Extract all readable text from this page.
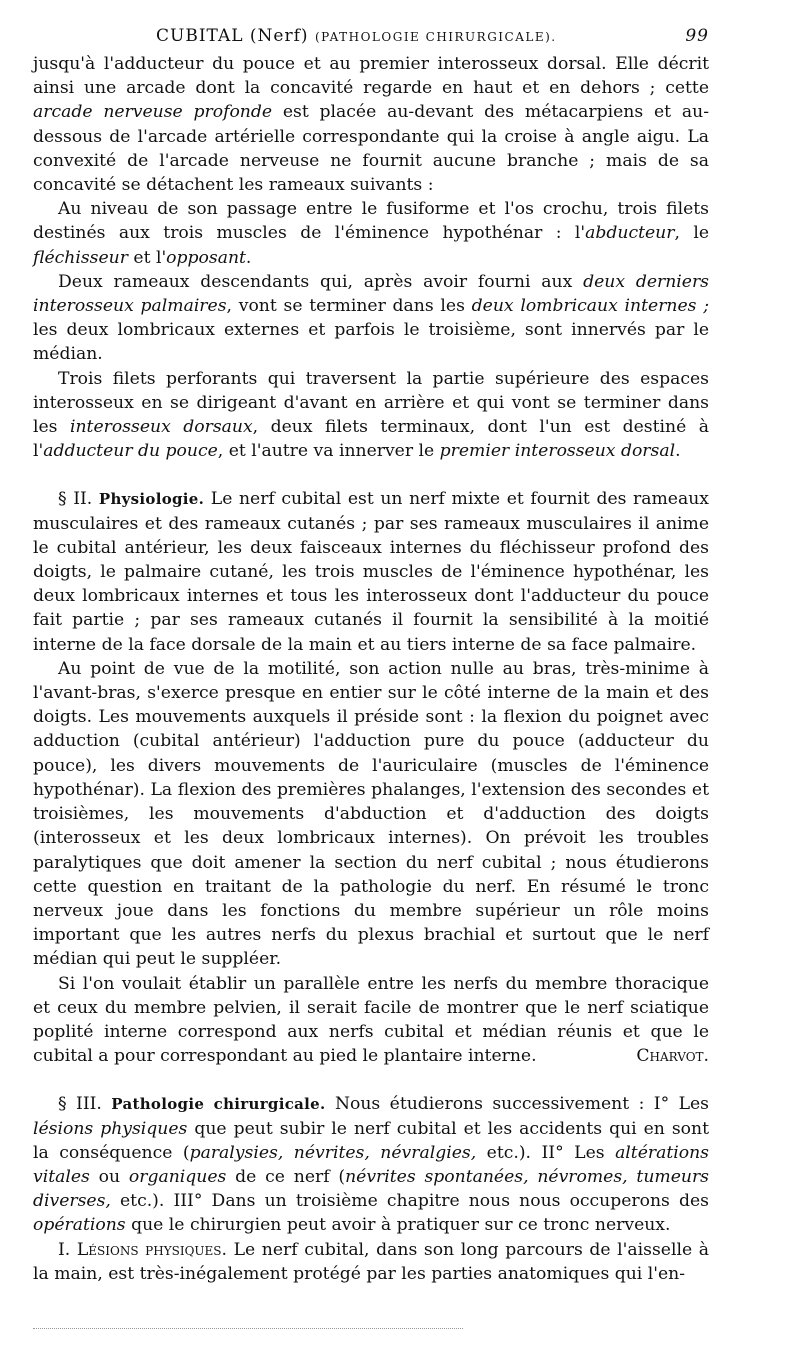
CUBITAL (Nerf) (PATHOLOGIE CHIRURGICALE).	99

jusqu'à l'adducteur du pouce et au premier interosseux dorsal. Elle décrit ainsi une arcade dont la concavité regarde en haut et en dehors ; cette arcade nerveuse profonde est placée au-devant des métacarpiens et au-dessous de l'arcade artérielle correspondante qui la croise à angle aigu. La convexité de l'arcade nerveuse ne fournit aucune branche ; mais de sa concavité se détachent les rameaux suivants :

Au niveau de son passage entre le fusiforme et l'os crochu, trois filets destinés aux trois muscles de l'éminence hypothénar : l'abducteur, le fléchisseur et l'opposant.

Deux rameaux descendants qui, après avoir fourni aux deux derniers interosseux palmaires, vont se terminer dans les deux lombricaux internes ; les deux lombricaux externes et parfois le troisième, sont innervés par le médian.

Trois filets perforants qui traversent la partie supérieure des espaces interosseux en se dirigeant d'avant en arrière et qui vont se terminer dans les interosseux dorsaux, deux filets terminaux, dont l'un est destiné à l'adducteur du pouce, et l'autre va innerver le premier interosseux dorsal.

§ II. Physiologie. Le nerf cubital est un nerf mixte et fournit des rameaux musculaires et des rameaux cutanés ; par ses rameaux musculaires il anime le cubital antérieur, les deux faisceaux internes du fléchisseur profond des doigts, le palmaire cutané, les trois muscles de l'éminence hypothénar, les deux lombricaux internes et tous les interosseux dont l'adducteur du pouce fait partie ; par ses rameaux cutanés il fournit la sensibilité à la moitié interne de la face dorsale de la main et au tiers interne de sa face palmaire.

Au point de vue de la motilité, son action nulle au bras, très-minime à l'avant-bras, s'exerce presque en entier sur le côté interne de la main et des doigts. Les mouvements auxquels il préside sont : la flexion du poignet avec adduction (cubital antérieur) l'adduction pure du pouce (adducteur du pouce), les divers mouvements de l'auriculaire (muscles de l'éminence hypothénar). La flexion des premières phalanges, l'extension des secondes et troisièmes, les mouvements d'abduction et d'adduction des doigts (interosseux et les deux lombricaux internes). On prévoit les troubles paralytiques que doit amener la section du nerf cubital ; nous étudierons cette question en traitant de la pathologie du nerf. En résumé le tronc nerveux joue dans les fonctions du membre supérieur un rôle moins important que les autres nerfs du plexus brachial et surtout que le nerf médian qui peut le suppléer.

Si l'on voulait établir un parallèle entre les nerfs du membre thoracique et ceux du membre pelvien, il serait facile de montrer que le nerf sciatique poplité interne correspond aux nerfs cubital et médian réunis et que le cubital a pour correspondant au pied le plantaire interne.	Charvot.

§ III. Pathologie chirurgicale. Nous étudierons successivement : I° Les lésions physiques que peut subir le nerf cubital et les accidents qui en sont la conséquence (paralysies, névrites, névralgies, etc.). II° Les altérations vitales ou organiques de ce nerf (névrites spontanées, névromes, tumeurs diverses, etc.). III° Dans un troisième chapitre nous nous occuperons des opérations que le chirurgien peut avoir à pratiquer sur ce tronc nerveux.

I. Lésions physiques. Le nerf cubital, dans son long parcours de l'aisselle à la main, est très-inégalement protégé par les parties anatomiques qui l'en-
